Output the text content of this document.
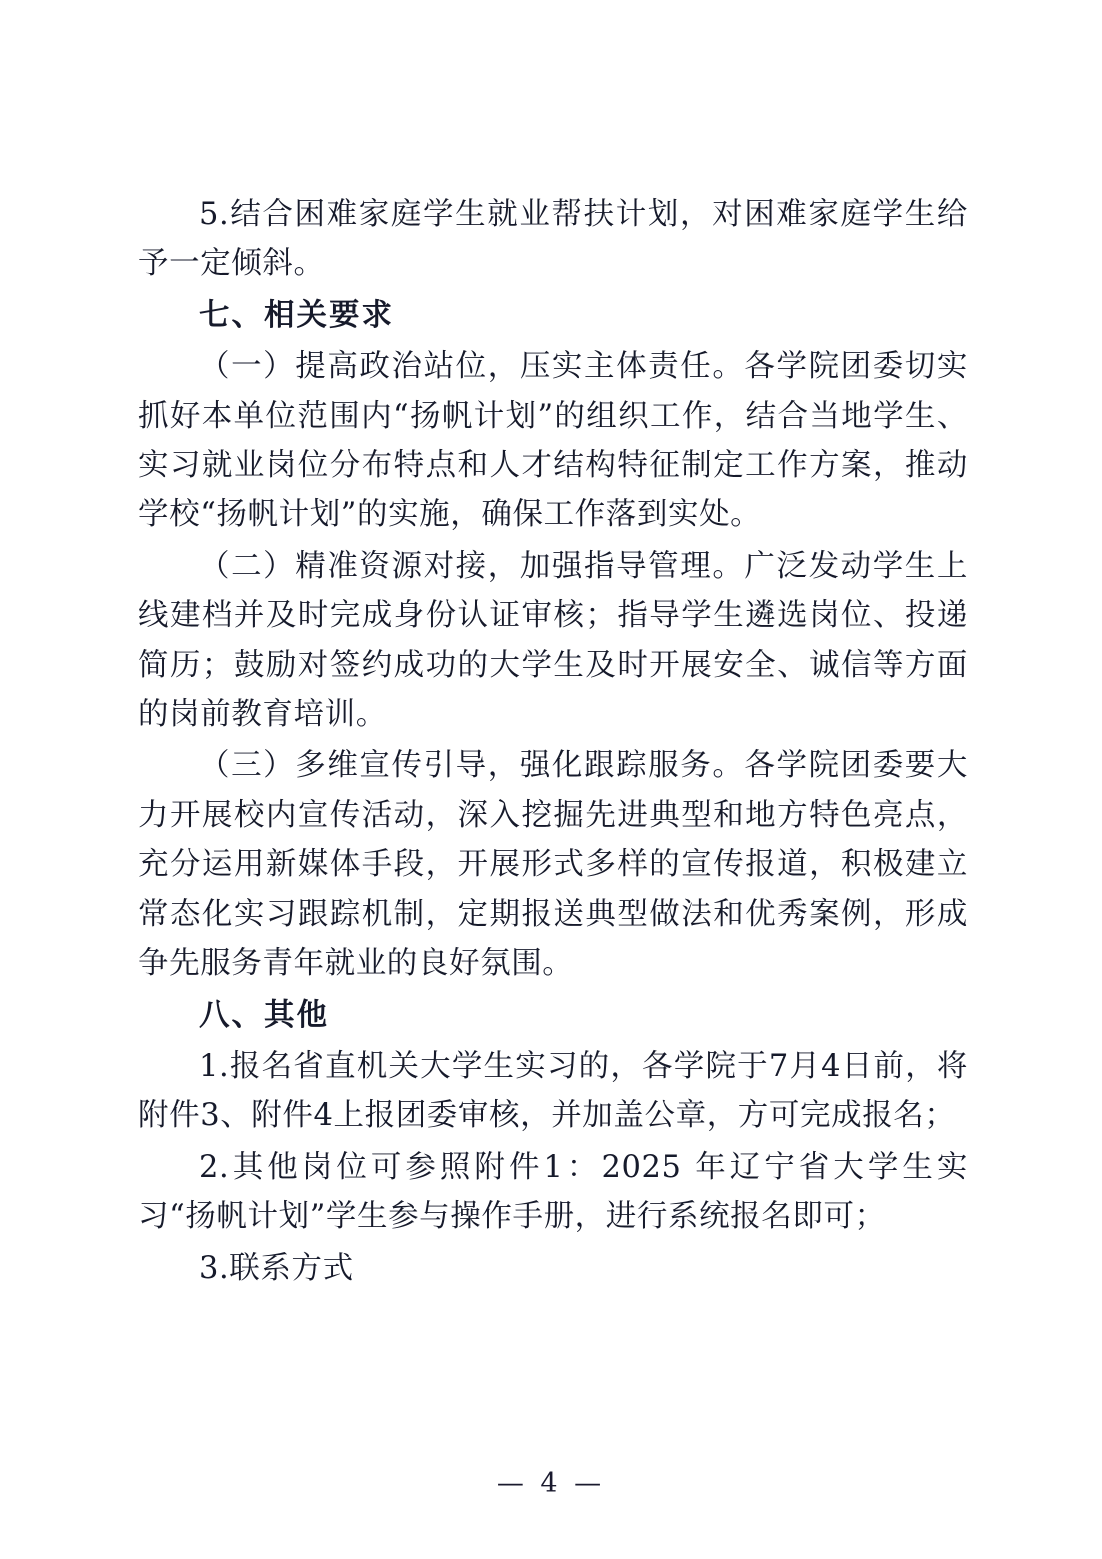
5.结合困难家庭学生就业帮扶计划，对困难家庭学生给予一定倾斜。

七、相关要求

（一）提高政治站位，压实主体责任。各学院团委切实抓好本单位范围内“扬帆计划”的组织工作，结合当地学生、实习就业岗位分布特点和人才结构特征制定工作方案，推动学校“扬帆计划”的实施，确保工作落到实处。

（二）精准资源对接，加强指导管理。广泛发动学生上线建档并及时完成身份认证审核；指导学生遴选岗位、投递简历；鼓励对签约成功的大学生及时开展安全、诚信等方面的岗前教育培训。

（三）多维宣传引导，强化跟踪服务。各学院团委要大力开展校内宣传活动，深入挖掘先进典型和地方特色亮点，充分运用新媒体手段，开展形式多样的宣传报道，积极建立常态化实习跟踪机制，定期报送典型做法和优秀案例，形成争先服务青年就业的良好氛围。

八、其他

1.报名省直机关大学生实习的，各学院于7月4日前，将附件3、附件4上报团委审核，并加盖公章，方可完成报名；

2.其他岗位可参照附件1：2025 年辽宁省大学生实习“扬帆计划”学生参与操作手册，进行系统报名即可；

3.联系方式

— 4 —
